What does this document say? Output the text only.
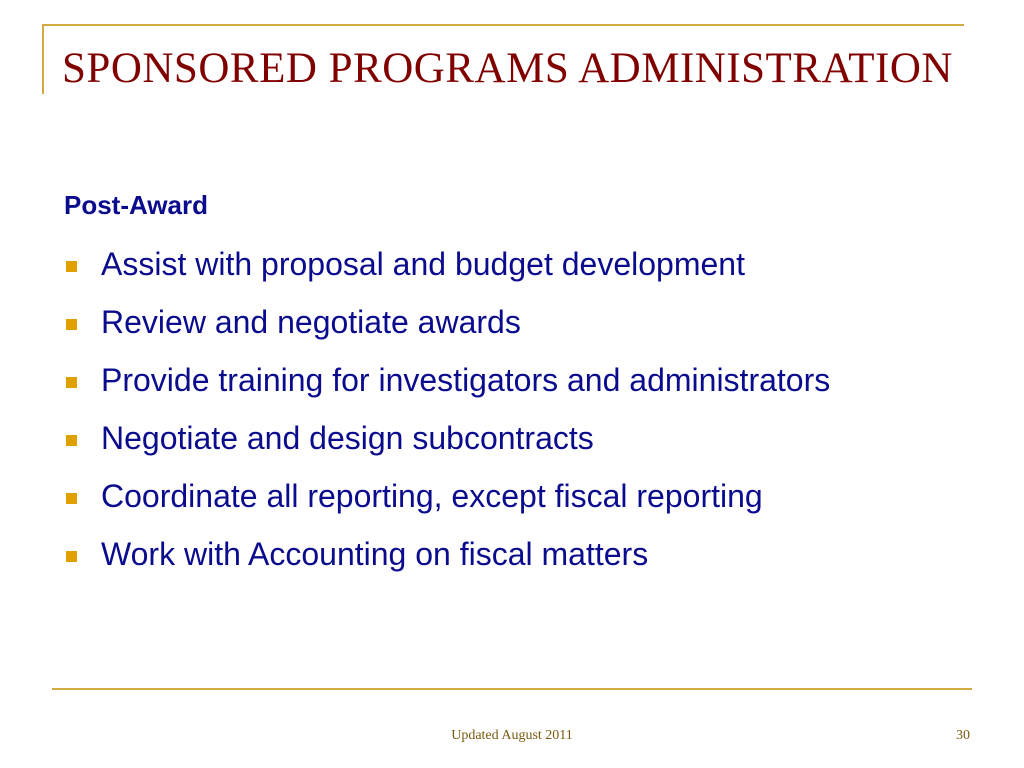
SPONSORED PROGRAMS ADMINISTRATION
Post-Award
Assist with proposal and budget development
Review and negotiate awards
Provide training for investigators and administrators
Negotiate and design subcontracts
Coordinate all reporting, except fiscal reporting
Work with Accounting on fiscal matters
Updated August 2011	30
